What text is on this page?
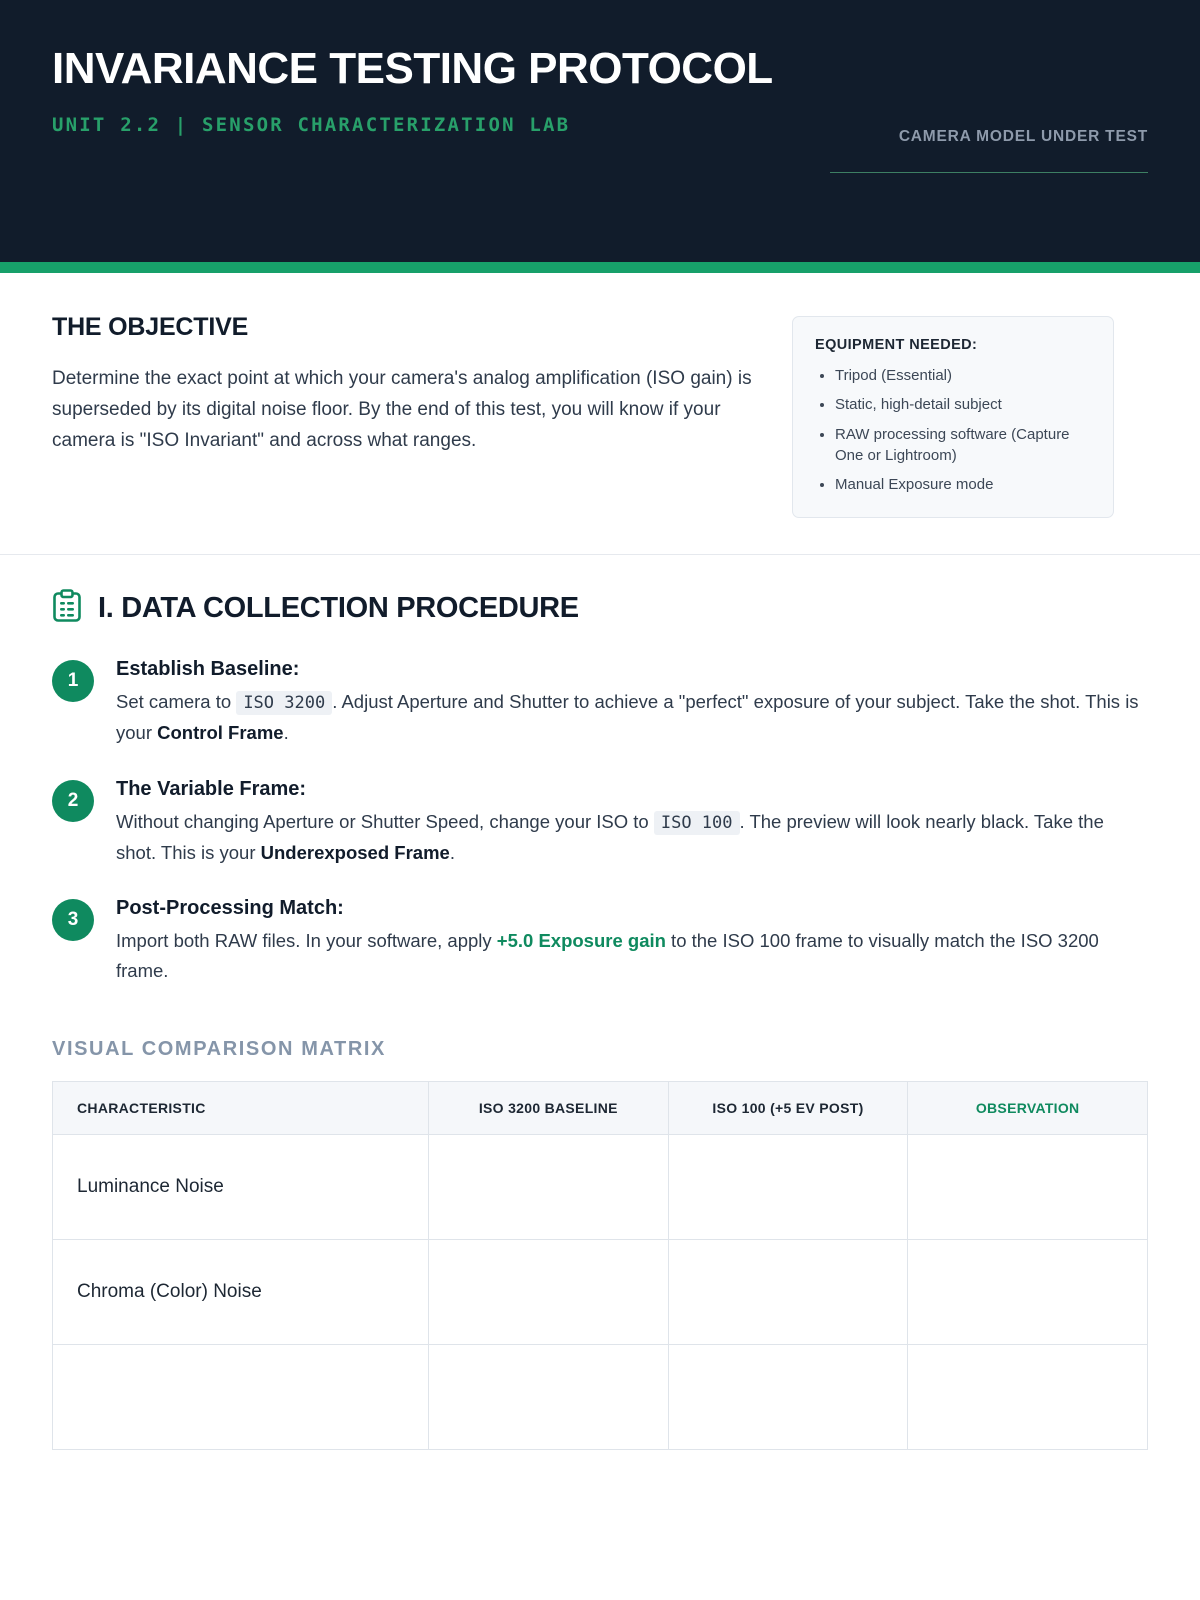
INVARIANCE TESTING PROTOCOL
UNIT 2.2 | SENSOR CHARACTERIZATION LAB
CAMERA MODEL UNDER TEST
THE OBJECTIVE

Determine the exact point at which your camera's analog amplification (ISO gain) is superseded by its digital noise floor. By the end of this test, you will know if your camera is "ISO Invariant" and across what ranges.

EQUIPMENT NEEDED:
• Tripod (Essential)
• Static, high-detail subject
• RAW processing software (Capture One or Lightroom)
• Manual Exposure mode
I. DATA COLLECTION PROCEDURE
1
Establish Baseline:

Set camera to ISO 3200 . Adjust Aperture and Shutter to achieve a "perfect" exposure of your subject. Take the shot. This is your Control Frame.

2
The Variable Frame:

Without changing Aperture or Shutter Speed, change your ISO to ISO 100 . The preview will look nearly black. Take the shot. This is your Underexposed Frame.

3
Post-Processing Match:

Import both RAW files. In your software, apply +5.0 Exposure gain to the ISO 100 frame to visually match the ISO 3200 frame.

VISUAL COMPARISON MATRIX
CHARACTERISTIC	ISO 3200 BASELINE	ISO 100 (+5 EV POST)	OBSERVATION
Luminance Noise			
Chroma (Color) Noise			
